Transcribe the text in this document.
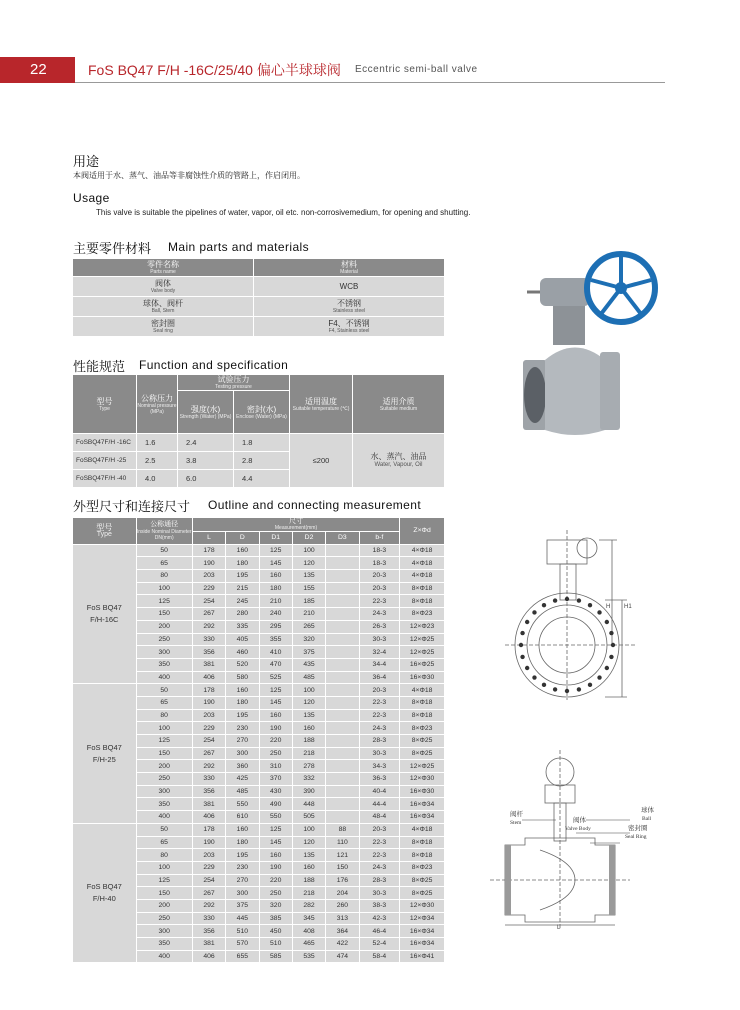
22	FoS BQ47 F/H -16C/25/40 偏心半球球阀 Eccentric semi-ball valve
用途
本阀适用于水、蒸气、油品等非腐蚀性介质的管路上，作启闭用。
Usage
This valve is suitable the pipelines of water, vapor, oil etc. non-corrosivemedium, for opening and shutting.
主要零件材料 Main parts and materials
零件名称
Parts name	材料
Material

阀体
Valve body	WCB

球体、阀杆
Ball, Stem	不锈钢
Stainless steel

密封圈
Seal ring	F4、不锈钢
F4, Stainless steel
性能规范 Function and specification
型号
Type	公称压力
Nominal pressure (MPa)	试验压力
Testing pressure		适用温度
Suitable temperature (℃)	适用介质
Suitable medium

		强度(水)
Strength (Water) (MPa)	密封(水)
Enclose (Water) (MPa)		

FoSBQ47F/H -16C	1.6	2.4	1.8	≤200	水、蒸汽、油品
Water, Vapour, Oil

FoSBQ47F/H -25	2.5	3.8	2.8		
FoSBQ47F/H -40	4.0	6.0	4.4		
外型尺寸和连接尺寸 Outline and connecting measurement
型号
Type	公称通径
Inside Nominal Diameter DN(mm)	尺寸
Measurement(mm)						Z×Φd
		L	D	D1	D2	D3	b-f	
FoS BQ47
F/H-16C	50	178	160	125	100		18-3	4×Φ18
	65	190	180	145	120		18-3	4×Φ18
	80	203	195	160	135		20-3	4×Φ18
	100	229	215	180	155		20-3	8×Φ18
	125	254	245	210	185		22-3	8×Φ18
	150	267	280	240	210		24-3	8×Φ23
	200	292	335	295	265		26-3	12×Φ23
	250	330	405	355	320		30-3	12×Φ25
	300	356	460	410	375		32-4	12×Φ25
	350	381	520	470	435		34-4	16×Φ25
	400	406	580	525	485		36-4	16×Φ30
FoS BQ47
F/H-25	50	178	160	125	100		20-3	4×Φ18
	65	190	180	145	120		22-3	8×Φ18
	80	203	195	160	135		22-3	8×Φ18
	100	229	230	190	160		24-3	8×Φ23
	125	254	270	220	188		28-3	8×Φ25
	150	267	300	250	218		30-3	8×Φ25
	200	292	360	310	278		34-3	12×Φ25
	250	330	425	370	332		36-3	12×Φ30
	300	356	485	430	390		40-4	16×Φ30
	350	381	550	490	448		44-4	16×Φ34
	400	406	610	550	505		48-4	16×Φ34
FoS BQ47
F/H-40	50	178	160	125	100	88	20-3	4×Φ18
	65	190	180	145	120	110	22-3	8×Φ18
	80	203	195	160	135	121	22-3	8×Φ18
	100	229	230	190	160	150	24-3	8×Φ23
	125	254	270	220	188	176	28-3	8×Φ25
	150	267	300	250	218	204	30-3	8×Φ25
	200	292	375	320	282	260	38-3	12×Φ30
	250	330	445	385	345	313	42-3	12×Φ34
	300	356	510	450	408	364	46-4	16×Φ34
	350	381	570	510	465	422	52-4	16×Φ34
	400	406	655	585	535	474	58-4	16×Φ41
H H1
阀杆
Stem	阀体
Valve Body
球体
Ball
密封圈
Seal Ring
L
